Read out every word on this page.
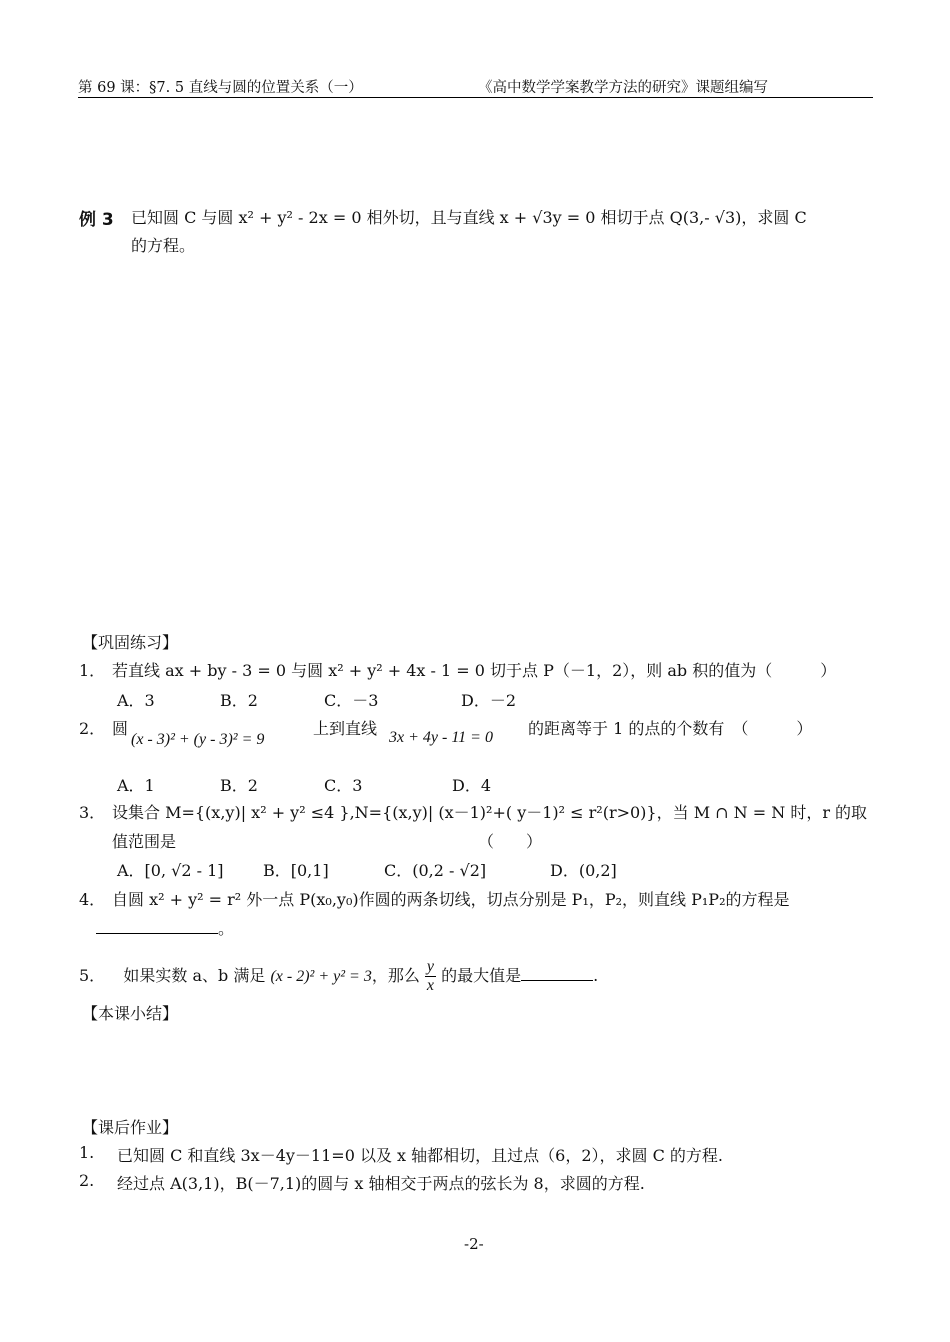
第 69 课：§7. 5 直线与圆的位置关系（一）	《高中数学学案教学方法的研究》课题组编写
例 3 已知圆 C 与圆 x² + y² - 2x = 0 相外切，且与直线 x + √3y = 0 相切于点 Q(3,- √3)，求圆 C
的方程。
【巩固练习】
1． 若直线 ax + by - 3 = 0 与圆 x² + y² + 4x - 1 = 0 切于点 P（－1，2），则 ab 积的值为（　　　）
A．3	B．2	C．－3	D．－2
2． 圆
(x - 3)² + (y - 3)² = 9
上到直线 3x + 4y - 11 = 0 的距离等于 1 的点的个数有　（　　　）
A．1	B．2	C．3	D．4
3． 设集合 M={(x,y)| x² + y² ≤4 },N={(x,y)| (x－1)²+( y－1)² ≤ r²(r>0)}，当 M ∩ N = N 时，r 的取
值范围是	（　　）
A．[0, √2 - 1] B．[0,1]	C．(0,2 - √2]	D．(0,2]
4． 自圆 x² + y² = r² 外一点 P(x₀,y₀)作圆的两条切线，切点分别是 P₁，P₂，则直线 P₁P₂的方程是
。
5． 如果实数 a、b 满足 (x - 2)² + y² = 3，那么 $\frac{y}{x}$ 的最大值是	.
【本课小结】
【课后作业】
1. 已知圆 C 和直线 3x－4y－11=0 以及 x 轴都相切，且过点（6，2），求圆 C 的方程.
2. 经过点 A(3,1)，B(－7,1)的圆与 x 轴相交于两点的弦长为 8，求圆的方程.
-2-
